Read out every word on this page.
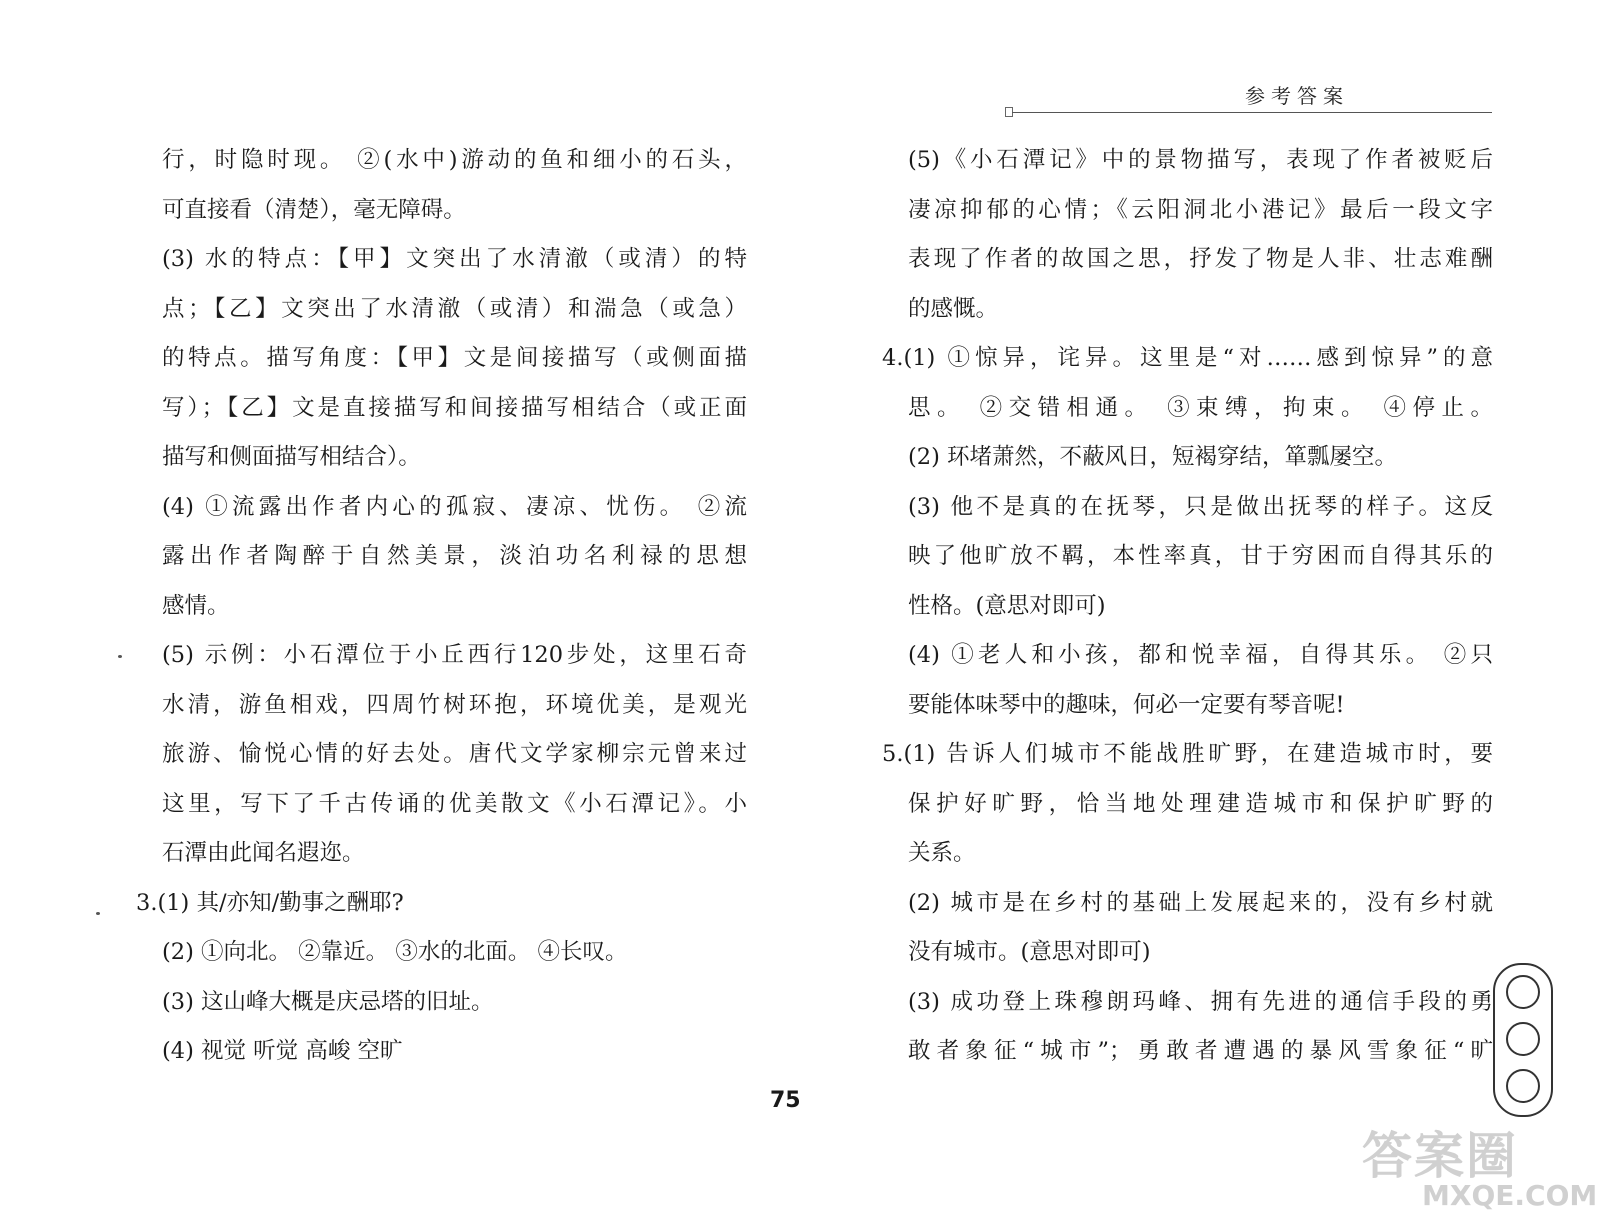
参考答案
行，时隐时现。 ②(水中)游动的鱼和细小的石头，
可直接看（清楚），毫无障碍。
(3) 水的特点：【甲】文突出了水清澈（或清）的特
点；【乙】文突出了水清澈（或清）和湍急（或急）
的特点。描写角度：【甲】文是间接描写（或侧面描
写）；【乙】文是直接描写和间接描写相结合（或正面
描写和侧面描写相结合）。
(4) ①流露出作者内心的孤寂、凄凉、忧伤。 ②流
露出作者陶醉于自然美景，淡泊功名利禄的思想
感情。
(5) 示例：小石潭位于小丘西行120步处，这里石奇
水清，游鱼相戏，四周竹树环抱，环境优美，是观光
旅游、愉悦心情的好去处。唐代文学家柳宗元曾来过
这里，写下了千古传诵的优美散文《小石潭记》。小
石潭由此闻名遐迩。
3.(1) 其/亦知/勤事之酬耶?
(2) ①向北。 ②靠近。 ③水的北面。 ④长叹。
(3) 这山峰大概是庆忌塔的旧址。
(4) 视觉 听觉 高峻 空旷
(5)《小石潭记》中的景物描写，表现了作者被贬后
凄凉抑郁的心情；《云阳洞北小港记》最后一段文字
表现了作者的故国之思，抒发了物是人非、壮志难酬
的感慨。
4.(1) ①惊异，诧异。这里是“对……感到惊异”的意
思。 ②交错相通。 ③束缚，拘束。 ④停止。
(2) 环堵萧然，不蔽风日，短褐穿结，箪瓢屡空。
(3) 他不是真的在抚琴，只是做出抚琴的样子。这反
映了他旷放不羁，本性率真，甘于穷困而自得其乐的
性格。(意思对即可)
(4) ①老人和小孩，都和悦幸福，自得其乐。 ②只
要能体味琴中的趣味，何必一定要有琴音呢!
5.(1) 告诉人们城市不能战胜旷野，在建造城市时，要
保护好旷野，恰当地处理建造城市和保护旷野的
关系。
(2) 城市是在乡村的基础上发展起来的，没有乡村就
没有城市。(意思对即可)
(3) 成功登上珠穆朗玛峰、拥有先进的通信手段的勇
敢者象征“城市”；勇敢者遭遇的暴风雪象征“旷
75
答案圈
MXQE.COM
